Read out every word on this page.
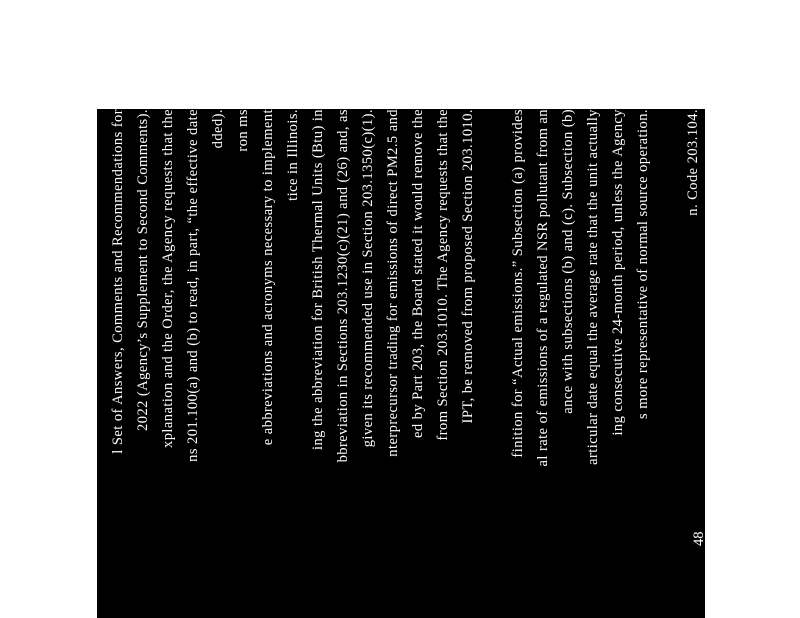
l Set of Answers, Comments and Recommendations for 2022 (Agency’s Supplement to Second Comments). xplanation and the Order, the Agency requests that the ns 201.100(a) and (b) to read, in part, “the effective date dded). ron ms e abbreviations and acronyms necessary to implement tice in Illinois. ing the abbreviation for British Thermal Units (Btu) in bbreviation in Sections 203.1230(c)(21) and (26) and, as given its recommended use in Section 203.1350(c)(1). nterprecursor trading for emissions of direct PM2.5 and ed by Part 203, the Board stated it would remove the from Section 203.1010. The Agency requests that the IPT, be removed from proposed Section 203.1010. finition for “Actual emissions.” Subsection (a) provides al rate of emissions of a regulated NSR pollutant from an ance with subsections (b) and (c). Subsection (b) articular date equal the average rate that the unit actually ing consecutive 24-month period, unless the Agency s more representative of normal source operation. n. Code 203.104.
48
